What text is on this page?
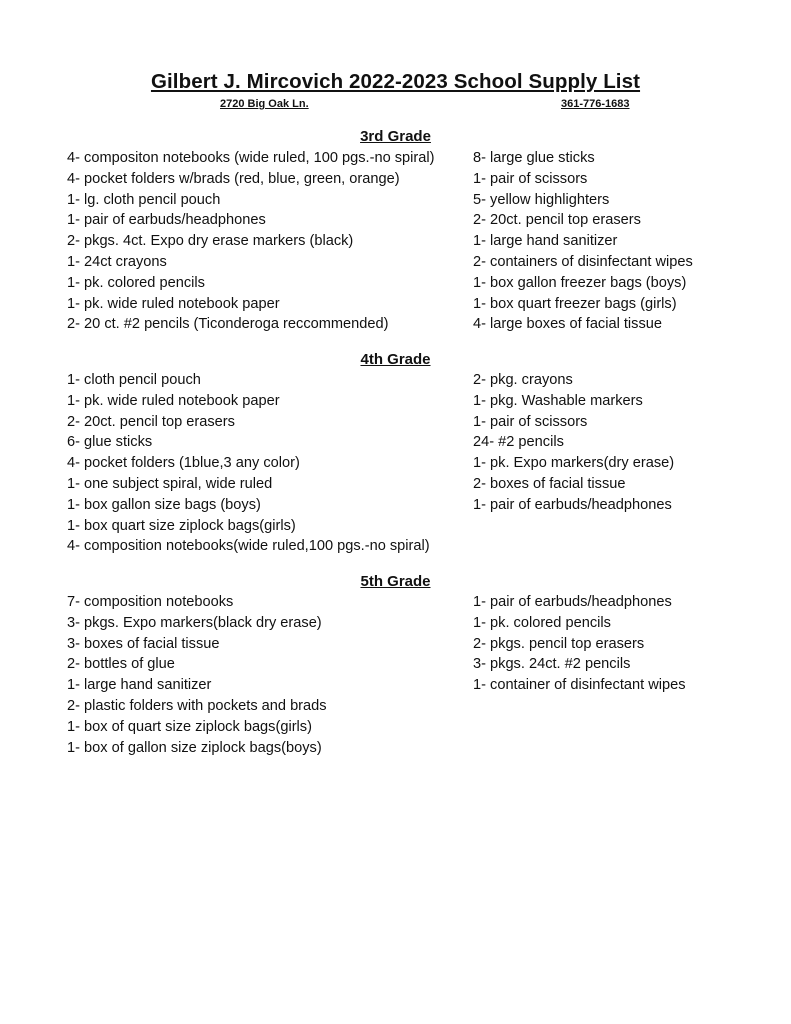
Gilbert J. Mircovich 2022-2023 School Supply List
2720 Big Oak Ln.	361-776-1683
3rd Grade
4- compositon notebooks (wide ruled, 100 pgs.-no spiral)
4- pocket folders w/brads (red, blue, green, orange)
1- lg. cloth pencil pouch
1- pair of earbuds/headphones
2- pkgs. 4ct. Expo dry erase markers (black)
1- 24ct crayons
1- pk. colored pencils
1- pk. wide ruled notebook paper
2- 20 ct. #2 pencils (Ticonderoga reccommended)
8- large glue sticks
1- pair of scissors
5- yellow highlighters
2- 20ct. pencil top erasers
1- large hand sanitizer
2- containers of disinfectant wipes
1- box gallon freezer bags (boys)
1- box quart freezer bags (girls)
4- large boxes of facial tissue
4th Grade
1- cloth pencil pouch
1- pk. wide ruled notebook paper
2- 20ct. pencil top erasers
6- glue sticks
4- pocket folders (1blue,3 any color)
1- one subject spiral, wide ruled
1- box gallon size bags (boys)
1- box quart size ziplock bags(girls)
4- composition notebooks(wide ruled,100 pgs.-no spiral)
2- pkg. crayons
1- pkg. Washable markers
1- pair of scissors
24- #2 pencils
1- pk. Expo markers(dry erase)
2- boxes of facial tissue
1- pair of earbuds/headphones
5th Grade
7- composition notebooks
3- pkgs. Expo markers(black dry erase)
3- boxes of facial tissue
2- bottles of glue
1- large hand sanitizer
2- plastic folders with pockets and brads
1- box of quart size ziplock bags(girls)
1- box of gallon size ziplock bags(boys)
1- pair of earbuds/headphones
1- pk. colored pencils
2- pkgs. pencil top erasers
3- pkgs. 24ct. #2 pencils
1- container of disinfectant wipes
